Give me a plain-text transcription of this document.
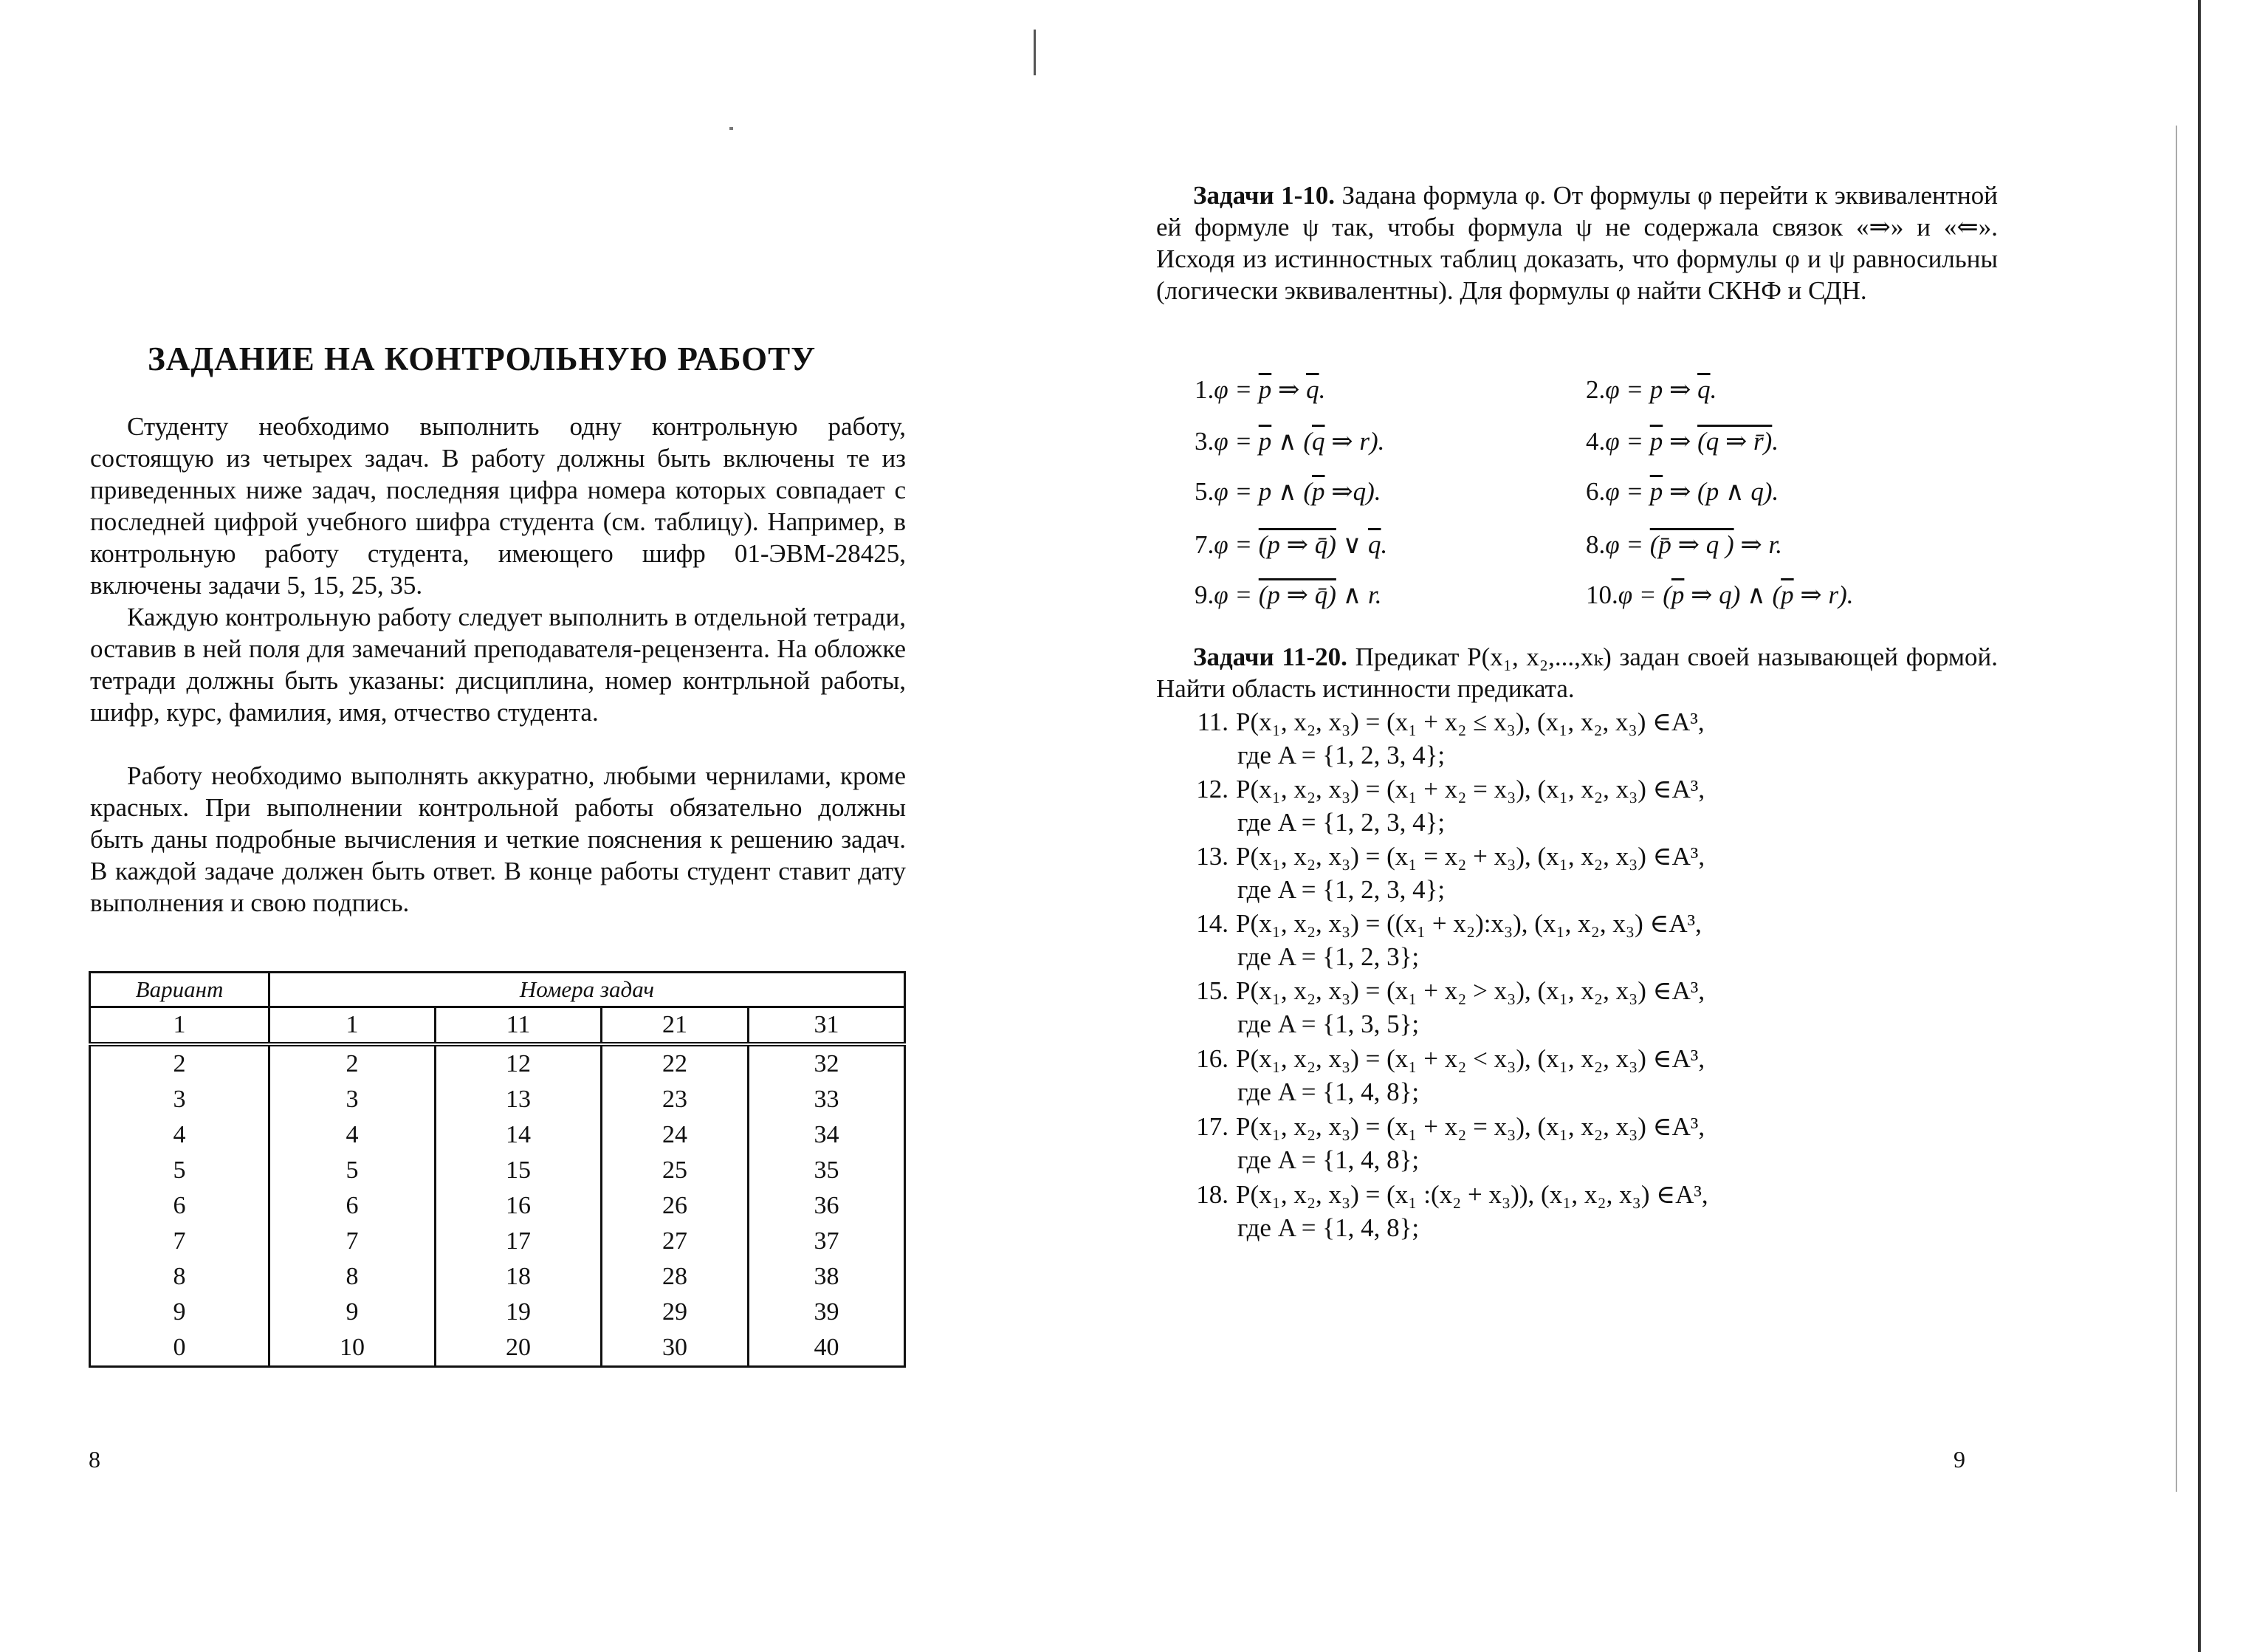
ЗАДАНИЕ НА КОНТРОЛЬНУЮ РАБОТУ

Студенту необходимо выполнить одну контрольную работу, состоящую из четырех задач. В работу должны быть включены те из приведенных ниже задач, последняя цифра номера которых совпадает с последней цифрой учебного шифра студента (см. таблицу). Например, в контрольную работу студента, имеющего шифр 01-ЭВМ-28425, включены задачи 5, 15, 25, 35.

Каждую контрольную работу следует выполнить в отдельной тетради, оставив в ней поля для замечаний преподавателя-рецензента. На обложке тетради должны быть указаны: дисциплина, номер контрльной работы, шифр, курс, фамилия, имя, отчество студента.

Работу необходимо выполнять аккуратно, любыми чернилами, кроме красных. При выполнении контрольной работы обязательно должны быть даны подробные вычисления и четкие пояснения к решению задач. В каждой задаче должен быть ответ. В конце работы студент ставит дату выполнения и свою подпись.

Вариант	Номера задач			
1	1	11	21	31
2	2	12	22	32
3	3	13	23	33
4	4	14	24	34
5	5	15	25	35
6	6	16	26	36
7	7	17	27	37
8	8	18	28	38
9	9	19	29	39
0	10	20	30	40
8

Задачи 1-10. Задана формула φ. От формулы φ перейти к эквивалентной ей формуле ψ так, чтобы формула ψ не содержала связок «⇒» и «⇐». Исходя из истинностных таблиц доказать, что формулы φ и ψ равносильны (логически эквивалентны). Для формулы φ найти СКНФ и СДН.

$1.\varphi = \overline{p}$ ⇒ $\overline{q}$.	2.φ = p ⇒ $\overline{q}$.
$3.\varphi = \overline{p}$ ∧ ($\overline{q}$ ⇒ r).	$4.\varphi = \overline{p}$ ⇒ (q ⇒ r̄).
5.φ = p ∧ ($\overline{p}$ ⇒q).	$6.\varphi = \overline{p}$ ⇒ (p ∧ q).
7.φ = (p ⇒ q̄) ∨ $\overline{q}$.	8.φ = (p̄ ⇒ q ) ⇒ r.
9.φ = (p ⇒ q̄) ∧ r.	$10.\varphi = (\overline{p}$ ⇒ q) ∧ ($\overline{p}$ ⇒ r).

Задачи 11-20. Предикат P(x₁, x₂,...,xₖ) задан своей называющей формой. Найти область истинности предиката.

11. P(x₁, x₂, x₃) = (x₁ + x₂ ≤ x₃), (x₁, x₂, x₃) ∈A³,
где A = {1, 2, 3, 4};
12. P(x₁, x₂, x₃) = (x₁ + x₂ = x₃), (x₁, x₂, x₃) ∈A³,
где A = {1, 2, 3, 4};
13. P(x₁, x₂, x₃) = (x₁ = x₂ + x₃), (x₁, x₂, x₃) ∈A³,
где A = {1, 2, 3, 4};
14. P(x₁, x₂, x₃) = ((x₁ + x₂):x₃), (x₁, x₂, x₃) ∈A³,
где A = {1, 2, 3};
15. P(x₁, x₂, x₃) = (x₁ + x₂ > x₃), (x₁, x₂, x₃) ∈A³,
где A = {1, 3, 5};
16. P(x₁, x₂, x₃) = (x₁ + x₂ < x₃), (x₁, x₂, x₃) ∈A³,
где A = {1, 4, 8};
17. P(x₁, x₂, x₃) = (x₁ + x₂ = x₃), (x₁, x₂, x₃) ∈A³,
где A = {1, 4, 8};
18. P(x₁, x₂, x₃) = (x₁ :(x₂ + x₃)), (x₁, x₂, x₃) ∈A³,
где A = {1, 4, 8};
9
